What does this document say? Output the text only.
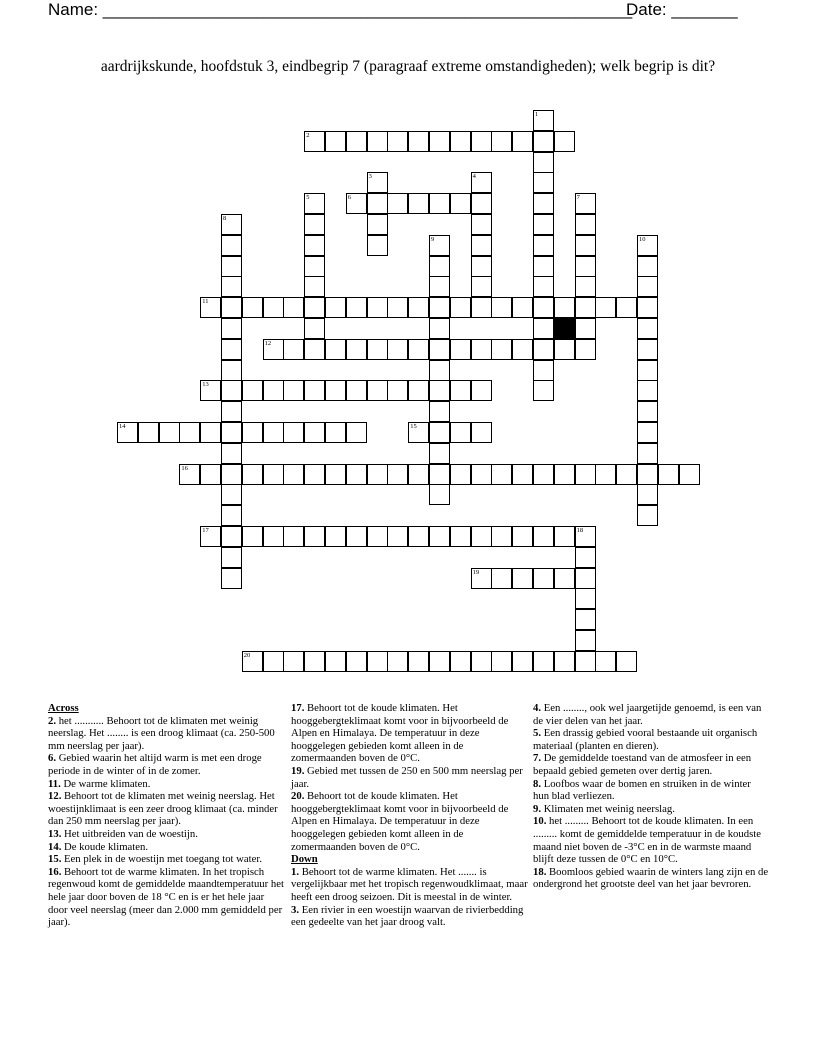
Name: ________________________________________________________
Date: _______
aardrijkskunde, hoofdstuk 3, eindbegrip 7 (paragraaf extreme omstandigheden); welk begrip is dit?
2
6
11
12
13
14	15
16
17	18
19
20
1
3	4
5	7
8
9	10

Across

2. het ........... Behoort tot de klimaten met weinig neerslag. Het ........ is een droog klimaat (ca. 250-500 mm neerslag per jaar).

6. Gebied waarin het altijd warm is met een droge periode in de winter of in de zomer.

11. De warme klimaten.

12. Behoort tot de klimaten met weinig neerslag. Het woestijnklimaat is een zeer droog klimaat (ca. minder dan 250 mm neerslag per jaar).

13. Het uitbreiden van de woestijn.

14. De koude klimaten.

15. Een plek in de woestijn met toegang tot water.

16. Behoort tot de warme klimaten. In het tropisch regenwoud komt de gemiddelde maandtemperatuur het hele jaar door boven de 18 °C en is er het hele jaar door veel neerslag (meer dan 2.000 mm gemiddeld per jaar).

17. Behoort tot de koude klimaten. Het hooggebergteklimaat komt voor in bijvoorbeeld de Alpen en Himalaya. De temperatuur in deze hooggelegen gebieden komt alleen in de zomermaanden boven de 0°C.

19. Gebied met tussen de 250 en 500 mm neerslag per jaar.

20. Behoort tot de koude klimaten. Het hooggebergteklimaat komt voor in bijvoorbeeld de Alpen en Himalaya. De temperatuur in deze hooggelegen gebieden komt alleen in de zomermaanden boven de 0°C.

Down

1. Behoort tot de warme klimaten. Het ....... is vergelijkbaar met het tropisch regenwoudklimaat, maar heeft een droog seizoen. Dit is meestal in de winter.

3. Een rivier in een woestijn waarvan de rivierbedding een gedeelte van het jaar droog valt.

4. Een ........, ook wel jaargetijde genoemd, is een van de vier delen van het jaar.

5. Een drassig gebied vooral bestaande uit organisch materiaal (planten en dieren).

7. De gemiddelde toestand van de atmosfeer in een bepaald gebied gemeten over dertig jaren.

8. Loofbos waar de bomen en struiken in de winter hun blad verliezen.

9. Klimaten met weinig neerslag.

10. het ......... Behoort tot de koude klimaten. In een ......... komt de gemiddelde temperatuur in de koudste maand niet boven de -3°C en in de warmste maand blijft deze tussen de 0°C en 10°C.

18. Boomloos gebied waarin de winters lang zijn en de ondergrond het grootste deel van het jaar bevroren.
